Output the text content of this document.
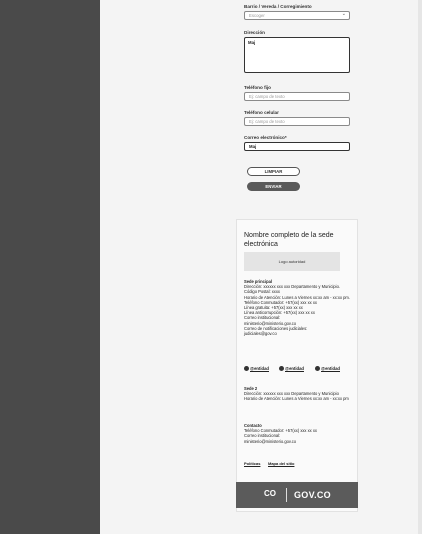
Barrio / Vereda / Corregimiento
Escoger	⌄
Dirección
Maj
Teléfono fijo
Ej: campo de texto
Teléfono celular
Ej: campo de texto
Correo electrónico*
Maj
LIMPIAR
ENVIAR
Nombre completo de la sede electrónica
Logo autoridad
Sede principal
Dirección: xxxxxx xxx xxx Departamento y Municipio.
Código Postal: xxxx
Horario de Atención: Lunes a Viernes xx:xx am - xx:xx pm.
Teléfono Conmutador: +57(xx) xxx xx xx
Línea gratuita: +57(xx) xxx xx xx
Línea anticorrupción: +57(xx) xxx xx xx
Correo institucional:
ministerio@ministerio.gov.co
Correo de notificaciones judiciales:
judiciales@gov.co
@entidad	@entidad	@entidad
Sede 2
Dirección: xxxxxx xxx xxx Departamento y Municipio
Horario de Atención: Lunes a Viernes xx:xx am - xx:xx pm
Contacto
Teléfono Conmutador: +57(xx) xxx xx xx
Correo institucional:
ministerio@ministerio.gov.co
Políticas Mapa del sitio
CO GOV.CO
